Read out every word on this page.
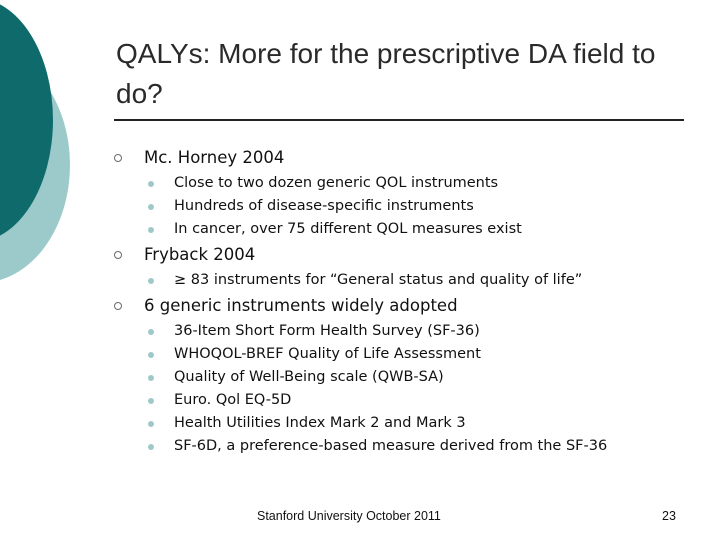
QALYs: More for the prescriptive DA field to do?
Mc. Horney 2004
Close to two dozen generic QOL instruments
Hundreds of disease-specific instruments
In cancer, over 75 different QOL measures exist
Fryback 2004
≥ 83 instruments for “General status and quality of life”
6 generic instruments widely adopted
36-Item Short Form Health Survey (SF-36)
WHOQOL-BREF Quality of Life Assessment
Quality of Well-Being scale (QWB-SA)
Euro. Qol EQ-5D
Health Utilities Index Mark 2 and Mark 3
SF-6D, a preference-based measure derived from the SF-36
Stanford University October 2011	23
